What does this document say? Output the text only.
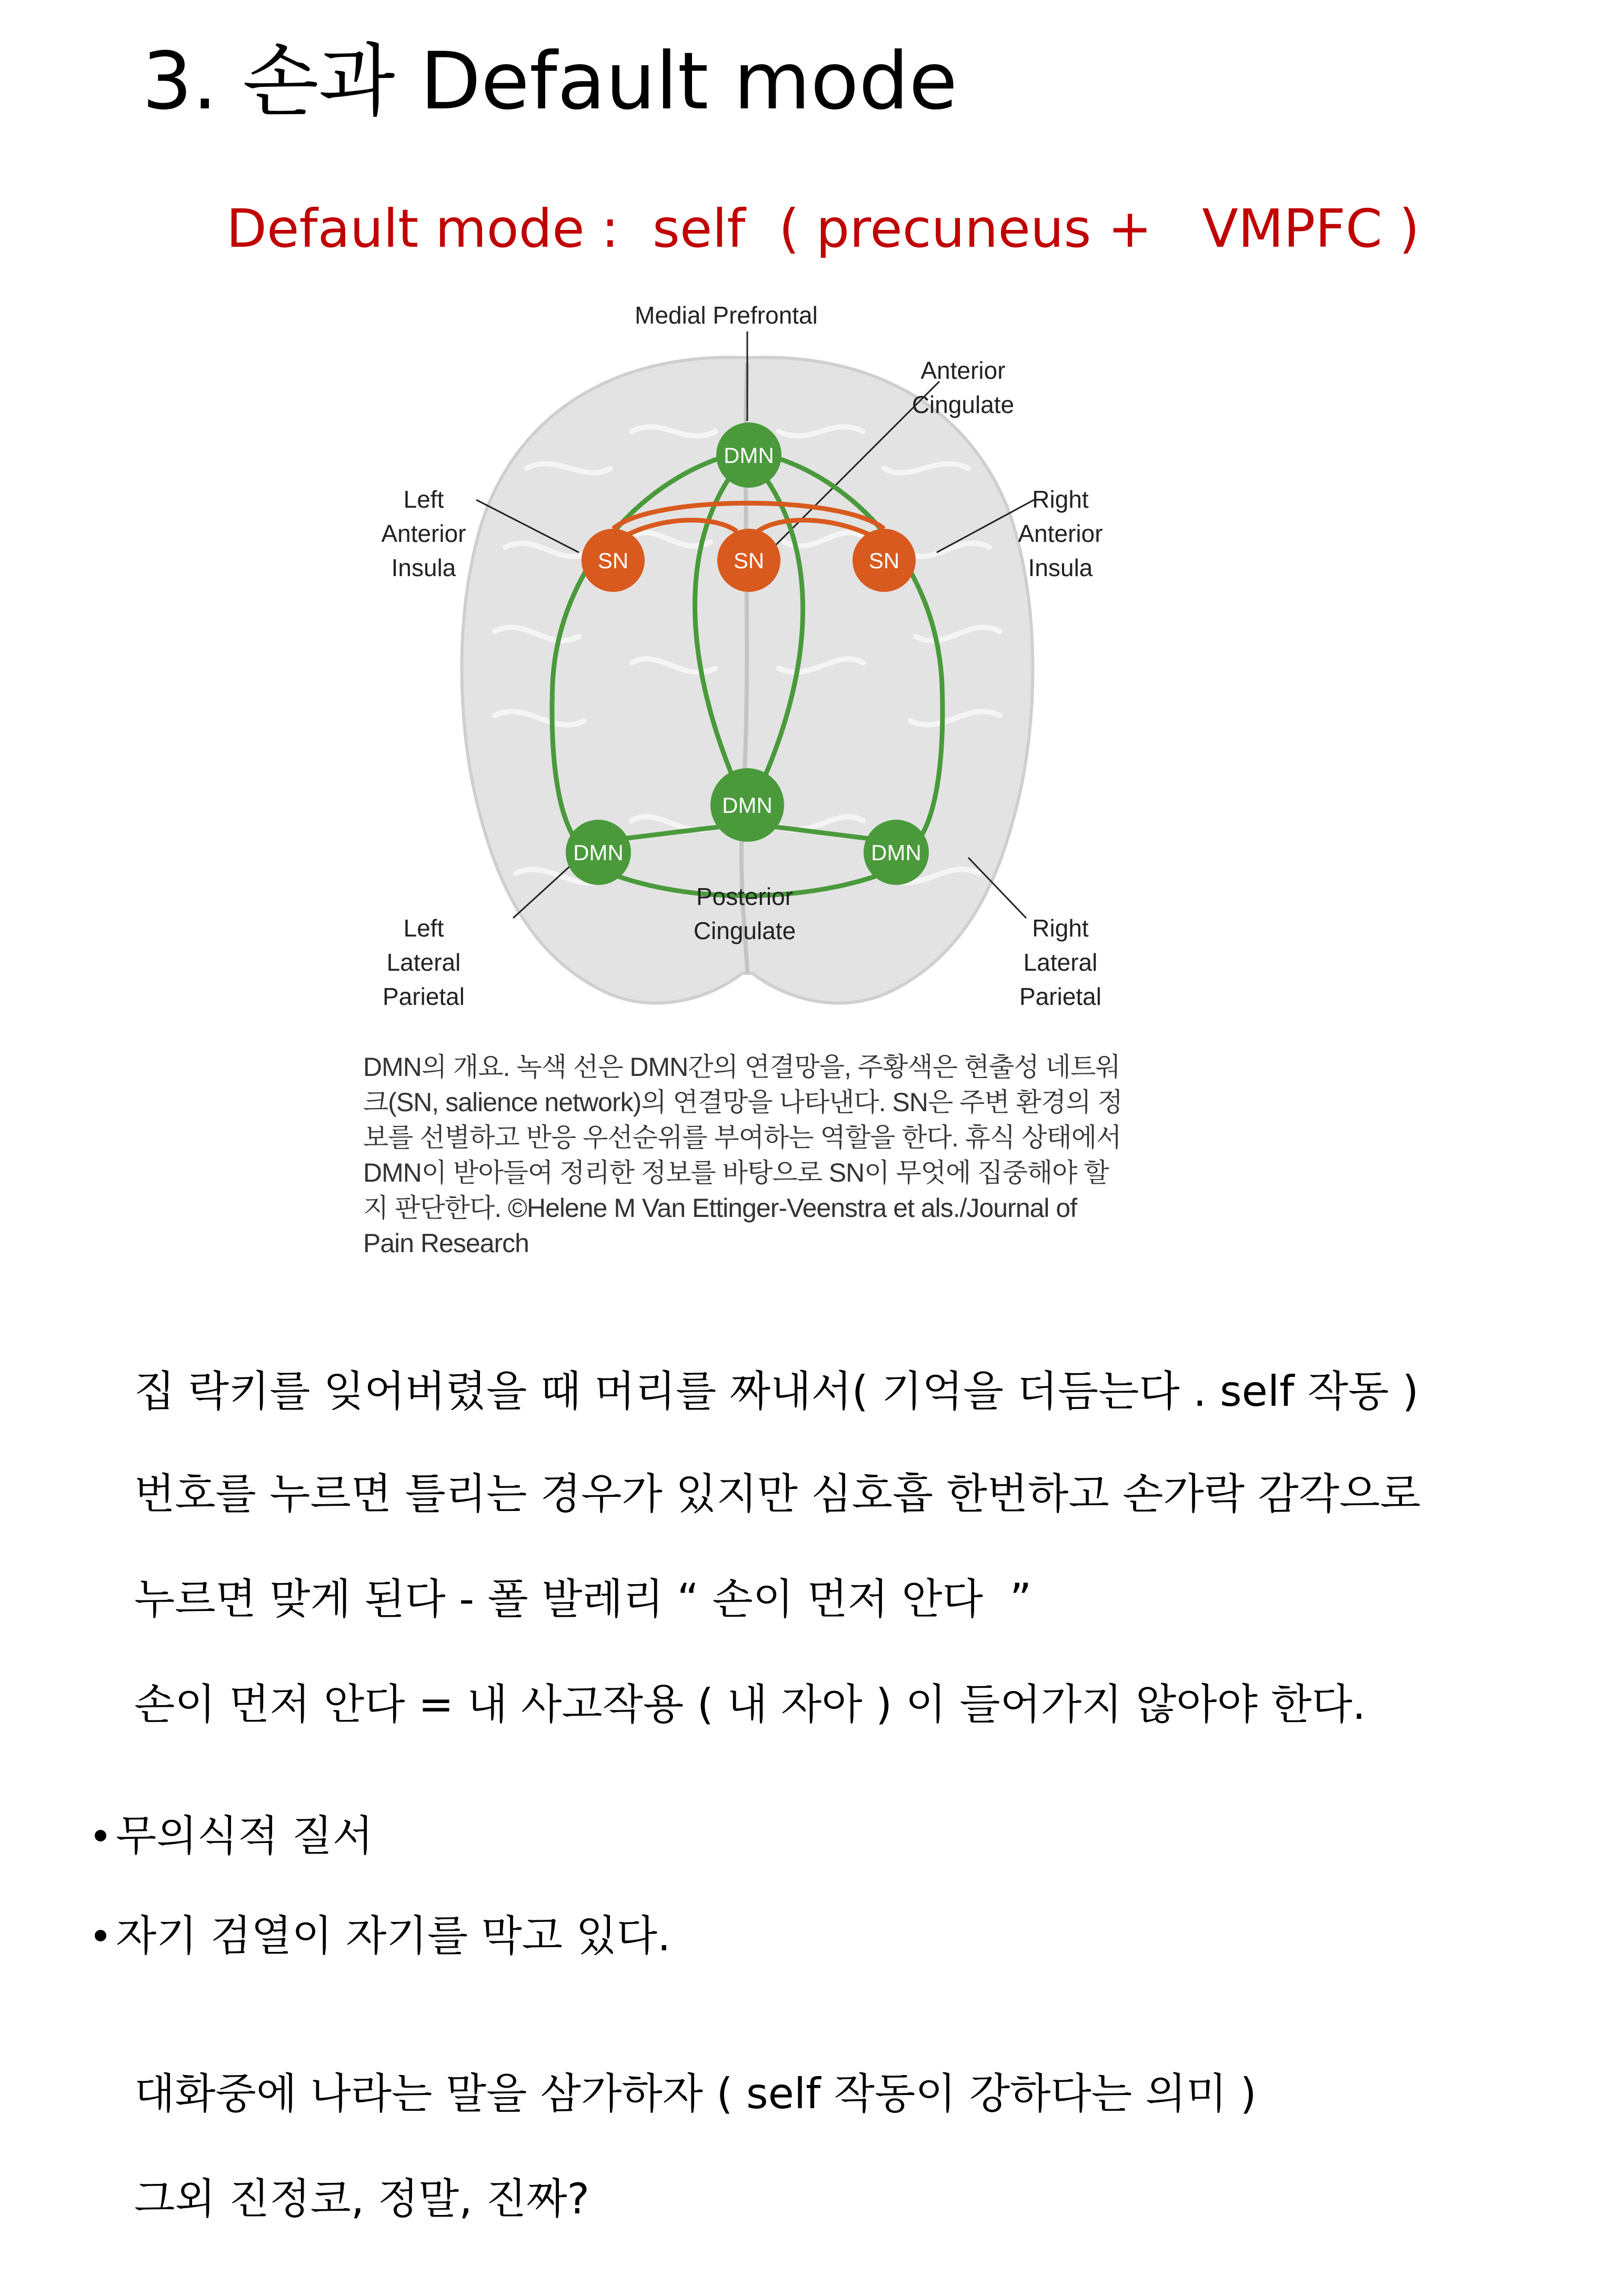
3. 손과 Default mode
Default mode :  self  ( precuneus +   VMPFC )
DMN
SN	SN	SN
DMN
DMN	DMN
Medial Prefrontal
Anterior
Cingulate
Left
Anterior
Insula
Right
Anterior
Insula
Posterior
Cingulate
Left
Lateral
Parietal
Right
Lateral
Parietal
DMN의 개요. 녹색 선은 DMN간의 연결망을, 주황색은 현출성 네트워
크(SN, salience network)의 연결망을 나타낸다. SN은 주변 환경의 정
보를 선별하고 반응 우선순위를 부여하는 역할을 한다. 휴식 상태에서
DMN이 받아들여 정리한 정보를 바탕으로 SN이 무엇에 집중해야 할
지 판단한다. ©Helene M Van Ettinger-Veenstra et als./Journal of
Pain Research
집 락키를 잊어버렸을 때 머리를 짜내서( 기억을 더듬는다 . self 작동 )
번호를 누르면 틀리는 경우가 있지만 심호흡 한번하고 손가락 감각으로
누르면 맞게 된다 - 폴 발레리 “ 손이 먼저 안다  ”
손이 먼저 안다 = 내 사고작용 ( 내 자아 ) 이 들어가지 않아야 한다.
무의식적 질서
자기 검열이 자기를 막고 있다.
대화중에 나라는 말을 삼가하자 ( self 작동이 강하다는 의미 )
그외 진정코, 정말, 진짜?
